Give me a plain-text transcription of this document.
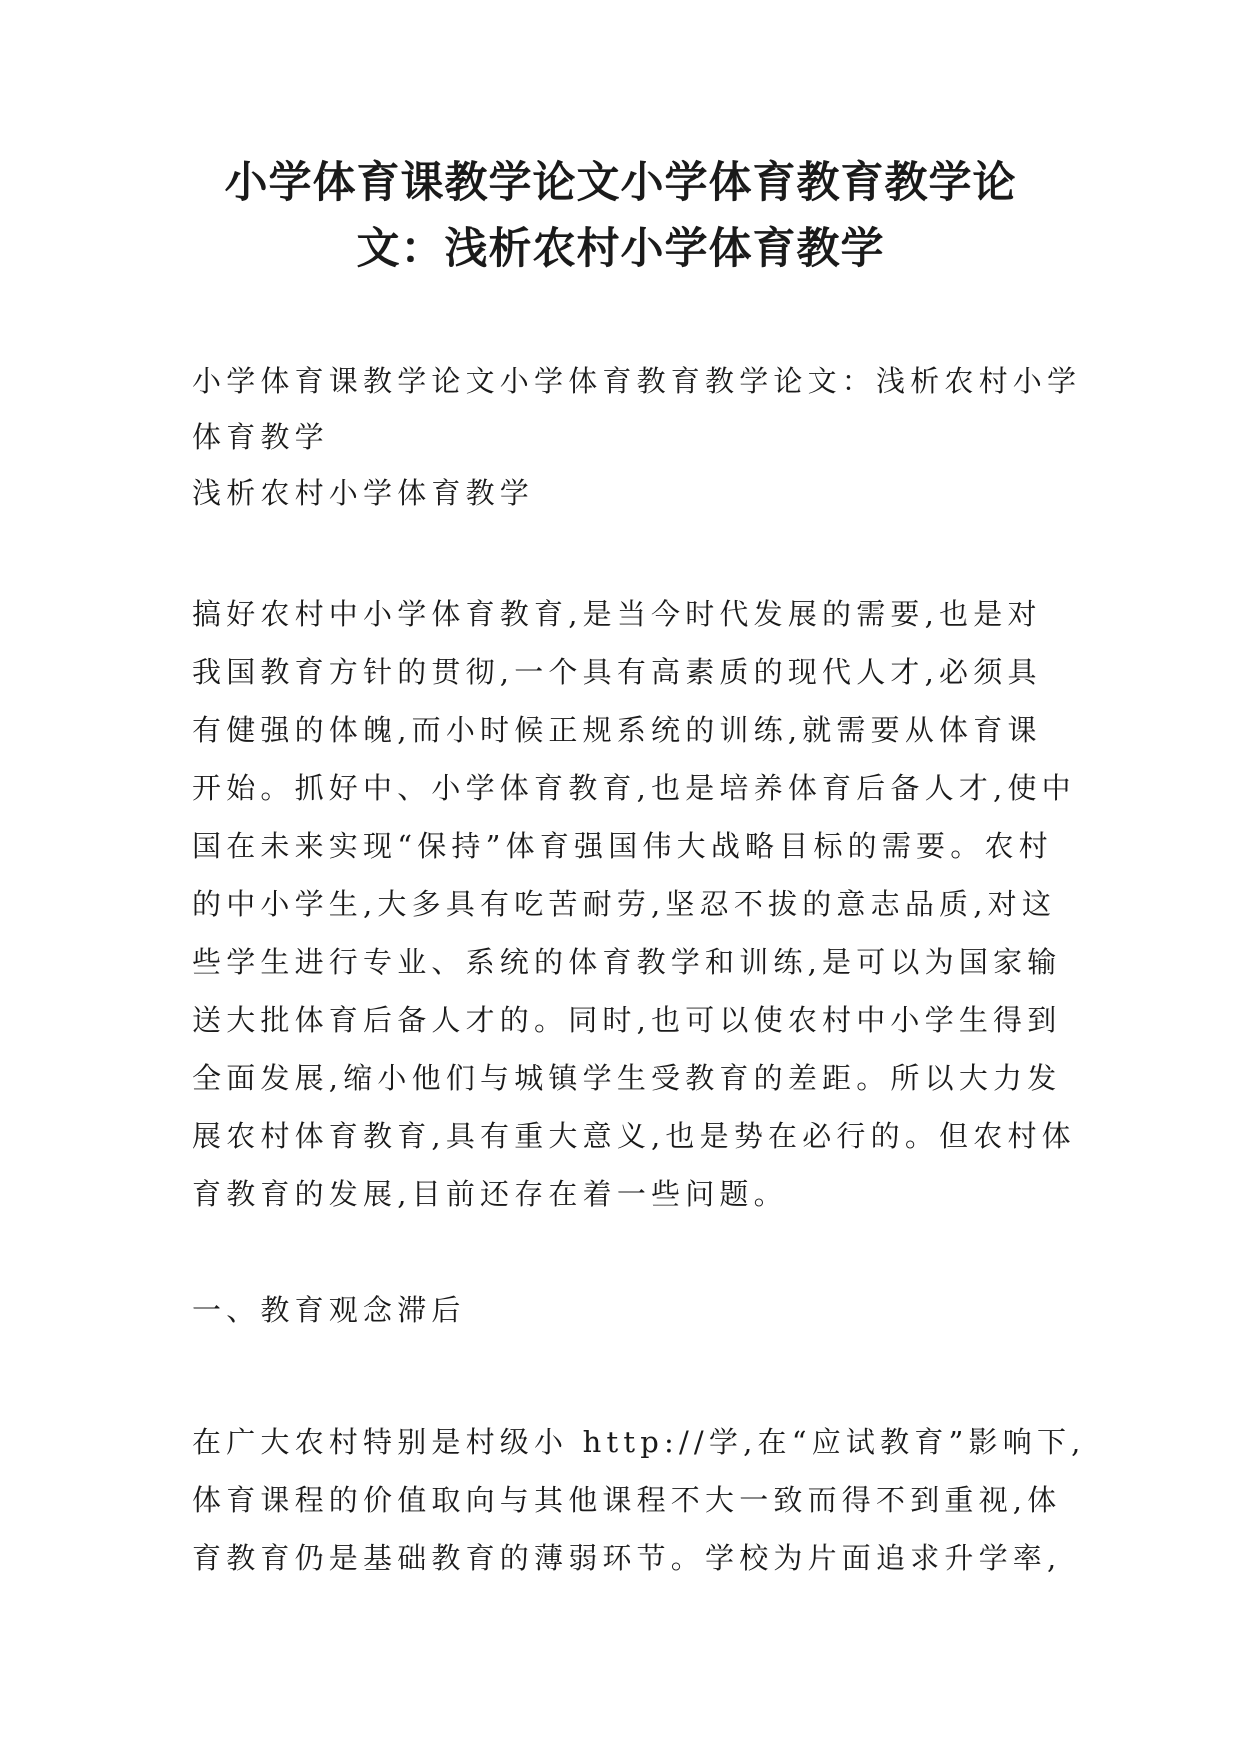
小学体育课教学论文小学体育教育教学论
文：浅析农村小学体育教学
小学体育课教学论文小学体育教育教学论文：浅析农村小学
体育教学
浅析农村小学体育教学
搞好农村中小学体育教育,是当今时代发展的需要,也是对
我国教育方针的贯彻,一个具有高素质的现代人才,必须具
有健强的体魄,而小时候正规系统的训练,就需要从体育课
开始。抓好中、小学体育教育,也是培养体育后备人才,使中
国在未来实现“保持”体育强国伟大战略目标的需要。农村
的中小学生,大多具有吃苦耐劳,坚忍不拔的意志品质,对这
些学生进行专业、系统的体育教学和训练,是可以为国家输
送大批体育后备人才的。同时,也可以使农村中小学生得到
全面发展,缩小他们与城镇学生受教育的差距。所以大力发
展农村体育教育,具有重大意义,也是势在必行的。但农村体
育教育的发展,目前还存在着一些问题。
一、教育观念滞后
在广大农村特别是村级小 http://学,在“应试教育”影响下,
体育课程的价值取向与其他课程不大一致而得不到重视,体
育教育仍是基础教育的薄弱环节。学校为片面追求升学率,
